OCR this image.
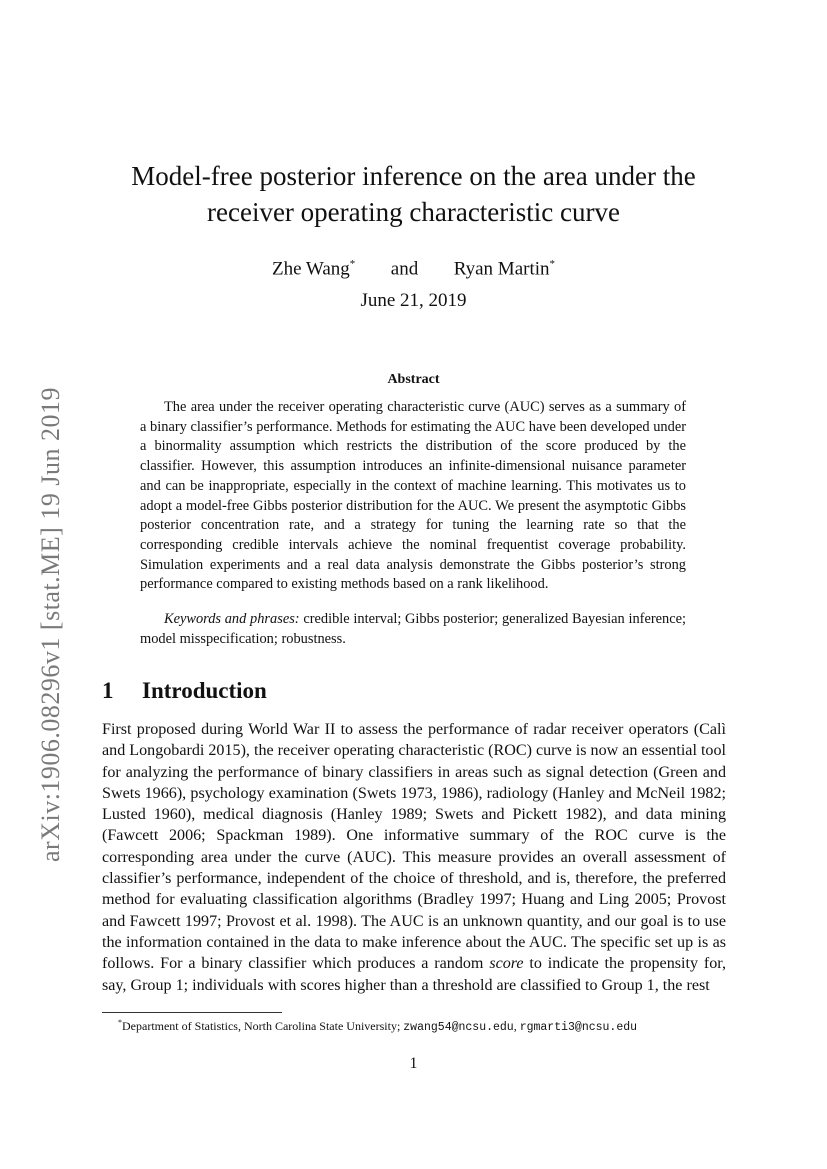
arXiv:1906.08296v1 [stat.ME] 19 Jun 2019
Model-free posterior inference on the area under the
receiver operating characteristic curve
Zhe Wang* and Ryan Martin*
June 21, 2019
Abstract

The area under the receiver operating characteristic curve (AUC) serves as a summary of a binary classifier’s performance. Methods for estimating the AUC have been developed under a binormality assumption which restricts the distribution of the score produced by the classifier. However, this assumption introduces an infinite-dimensional nuisance parameter and can be inappropriate, especially in the context of machine learning. This motivates us to adopt a model-free Gibbs posterior distribution for the AUC. We present the asymptotic Gibbs posterior concentration rate, and a strategy for tuning the learning rate so that the corresponding credible intervals achieve the nominal frequentist coverage probability. Simulation experiments and a real data analysis demonstrate the Gibbs posterior’s strong performance compared to existing methods based on a rank likelihood.

Keywords and phrases: credible interval; Gibbs posterior; generalized Bayesian inference; model misspecification; robustness.

1 Introduction

First proposed during World War II to assess the performance of radar receiver operators (Calì and Longobardi 2015), the receiver operating characteristic (ROC) curve is now an essential tool for analyzing the performance of binary classifiers in areas such as signal detection (Green and Swets 1966), psychology examination (Swets 1973, 1986), radiology (Hanley and McNeil 1982; Lusted 1960), medical diagnosis (Hanley 1989; Swets and Pickett 1982), and data mining (Fawcett 2006; Spackman 1989). One informative summary of the ROC curve is the corresponding area under the curve (AUC). This measure provides an overall assessment of classifier’s performance, independent of the choice of threshold, and is, therefore, the preferred method for evaluating classification algorithms (Bradley 1997; Huang and Ling 2005; Provost and Fawcett 1997; Provost et al. 1998). The AUC is an unknown quantity, and our goal is to use the information contained in the data to make inference about the AUC. The specific set up is as follows. For a binary classifier which produces a random score to indicate the propensity for, say, Group 1; individuals with scores higher than a threshold are classified to Group 1, the rest

*Department of Statistics, North Carolina State University; zwang54@ncsu.edu, rgmarti3@ncsu.edu

1
